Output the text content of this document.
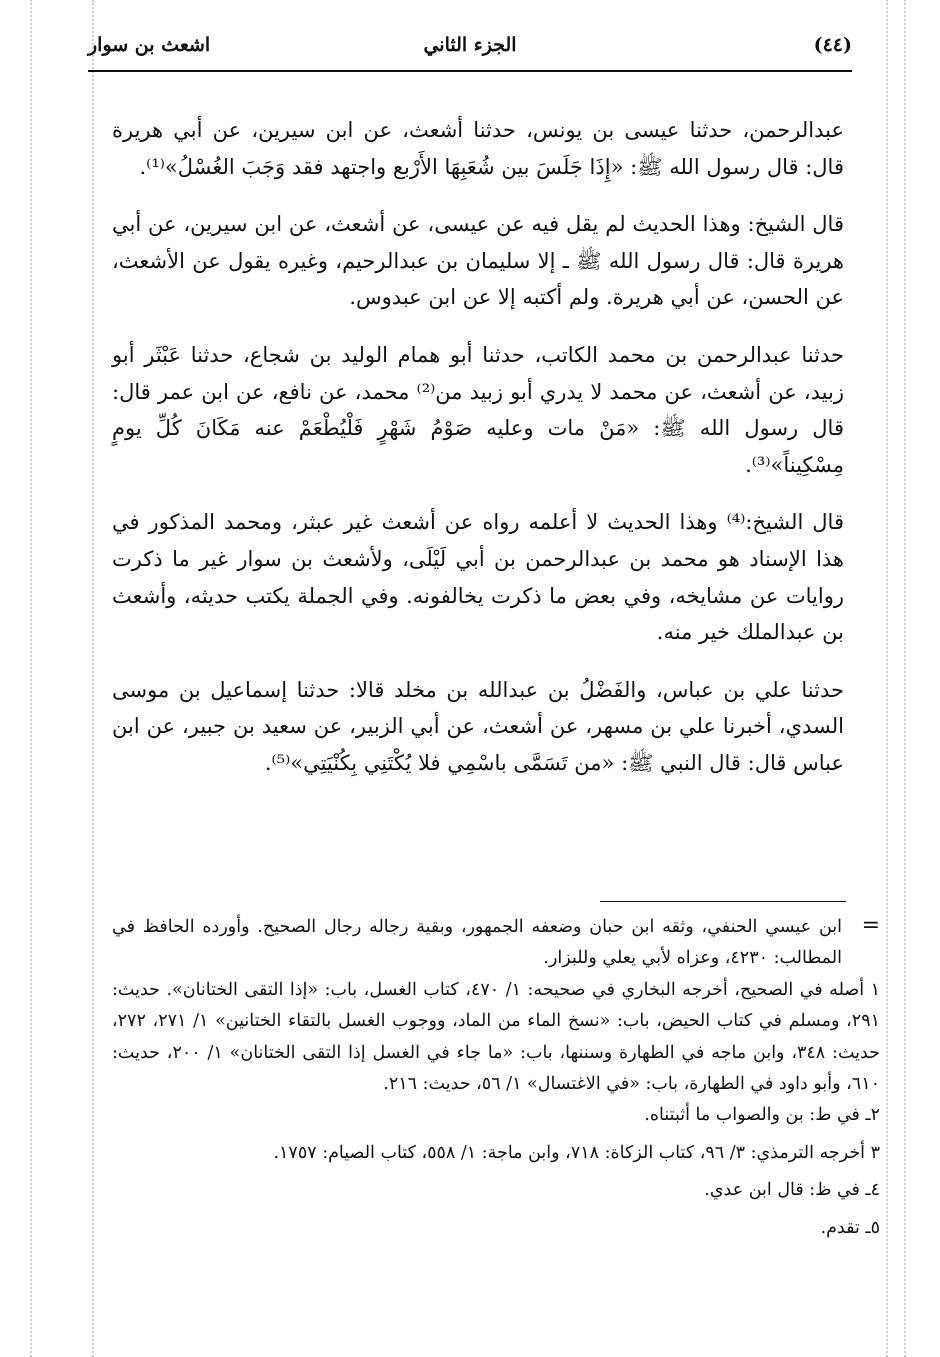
(٤٤)
الجزء الثاني
اشعث بن سوار

عبدالرحمن، حدثنا عيسى بن يونس، حدثنا أشعث، عن ابن سيرين، عن أبي هريرة قال: قال رسول الله ﷺ: «إِذَا جَلَسَ بين شُعَبِهَا الأَرْبع واجتهد فقد وَجَبَ الغُسْلُ»⁽¹⁾.

قال الشيخ: وهذا الحديث لم يقل فيه عن عيسى، عن أشعث، عن ابن سيرين، عن أبي هريرة قال: قال رسول الله ﷺ ـ إلا سليمان بن عبدالرحيم، وغيره يقول عن الأشعث، عن الحسن، عن أبي هريرة. ولم أكتبه إلا عن ابن عبدوس.

حدثنا عبدالرحمن بن محمد الكاتب، حدثنا أبو همام الوليد بن شجاع، حدثنا عَبْثَر أبو زبيد، عن أشعث، عن محمد لا يدري أبو زبيد من⁽²⁾ محمد، عن نافع، عن ابن عمر قال: قال رسول الله ﷺ: «مَنْ مات وعليه صَوْمُ شَهْرٍ فَلْيُطْعَمْ عنه مَكَانَ كُلِّ يومٍ مِسْكِيناً»⁽³⁾.

قال الشيخ:⁽⁴⁾ وهذا الحديث لا أعلمه رواه عن أشعث غير عبثر، ومحمد المذكور في هذا الإسناد هو محمد بن عبدالرحمن بن أبي لَيْلَى، ولأشعث بن سوار غير ما ذكرت روايات عن مشايخه، وفي بعض ما ذكرت يخالفونه. وفي الجملة يكتب حديثه، وأشعث بن عبدالملك خير منه.

حدثنا علي بن عباس، والفَضْلُ بن عبدالله بن مخلد قالا: حدثنا إسماعيل بن موسى السدي، أخبرنا علي بن مسهر، عن أشعث، عن أبي الزبير، عن سعيد بن جبير، عن ابن عباس قال: قال النبي ﷺ: «من تَسَمَّى باسْمِي فلا يُكْتَنِي بِكُنْيَتِي»⁽⁵⁾.

=
ابن عيسي الحنفي، وثقه ابن حبان وضعفه الجمهور، وبقية رجاله رجال الصحيح. وأورده الحافظ في المطالب: ٤٢٣٠، وعزاه لأبي يعلي وللبزار.

١ أصله في الصحيح، أخرجه البخاري في صحيحه: ١/ ٤٧٠، كتاب الغسل، باب: «إذا التقى الختانان». حديث: ٢٩١، ومسلم في كتاب الحيض، باب: «نسخ الماء من الماد، ووجوب الغسل بالتقاء الختانين» ١/ ٢٧١، ٢٧٢، حديث: ٣٤٨، وابن ماجه في الطهارة وسننها، باب: «ما جاء في الغسل إذا التقى الختانان» ١/ ٢٠٠، حديث: ٦١٠، وأبو داود في الطهارة، باب: «في الاغتسال» ١/ ٥٦، حديث: ٢١٦.

٢ـ في ط: بن والصواب ما أثبتناه.

٣ أخرجه الترمذي: ٣/ ٩٦، كتاب الزكاة: ٧١٨، وابن ماجة: ١/ ٥٥٨، كتاب الصيام: ١٧٥٧.

٤ـ في ظ: قال ابن عدي.

٥ـ تقدم.
